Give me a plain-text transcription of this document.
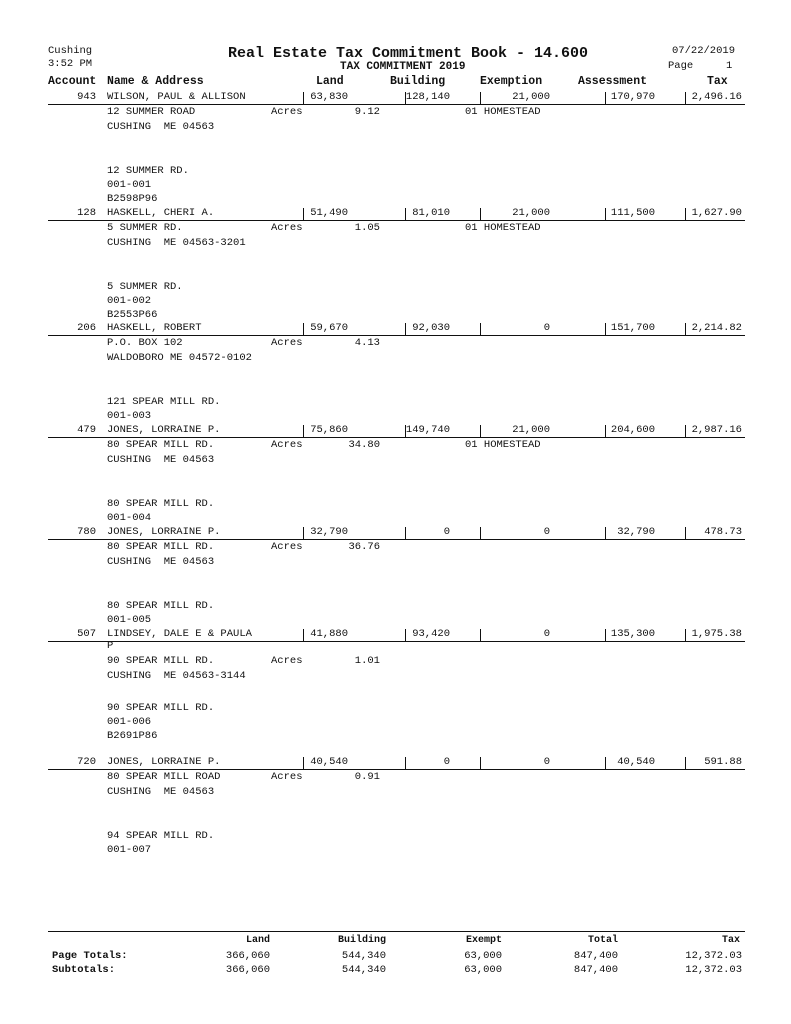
Cushing
3:52 PM
Real Estate Tax Commitment Book - 14.600
TAX COMMITMENT 2019
07/22/2019
Page	1
Account Name & Address	Land	Building	Exemption	Assessment	Tax
943 WILSON, PAUL & ALLISON	63,830	128,140	21,000	170,970	2,496.16
12 SUMMER ROAD	Acres	9.12	01 HOMESTEAD
CUSHING  ME 04563
12 SUMMER RD.
001-001
B2598P96
128 HASKELL, CHERI A.	51,490	81,010	21,000	111,500	1,627.90
5 SUMMER RD.	Acres	1.05	01 HOMESTEAD
CUSHING  ME 04563-3201
5 SUMMER RD.
001-002
B2553P66
206 HASKELL, ROBERT	59,670	92,030	0	151,700	2,214.82
P.O. BOX 102	Acres	4.13
WALDOBORO ME 04572-0102
121 SPEAR MILL RD.
001-003
479 JONES, LORRAINE P.	75,860	149,740	21,000	204,600	2,987.16
80 SPEAR MILL RD.	Acres	34.80	01 HOMESTEAD
CUSHING  ME 04563
80 SPEAR MILL RD.
001-004
780 JONES, LORRAINE P.	32,790	0	0	32,790	478.73
80 SPEAR MILL RD.	Acres	36.76
CUSHING  ME 04563
80 SPEAR MILL RD.
001-005
507 LINDSEY, DALE E & PAULA
P
41,880	93,420	0	135,300	1,975.38
90 SPEAR MILL RD.	Acres	1.01
CUSHING  ME 04563-3144
90 SPEAR MILL RD.
001-006
B2691P86
720 JONES, LORRAINE P.	40,540	0	0	40,540	591.88
80 SPEAR MILL ROAD	Acres	0.91
CUSHING  ME 04563
94 SPEAR MILL RD.
001-007
Land	Building	Exempt	Total	Tax
Page Totals:	366,060	544,340	63,000	847,400	12,372.03
Subtotals:	366,060	544,340	63,000	847,400	12,372.03
